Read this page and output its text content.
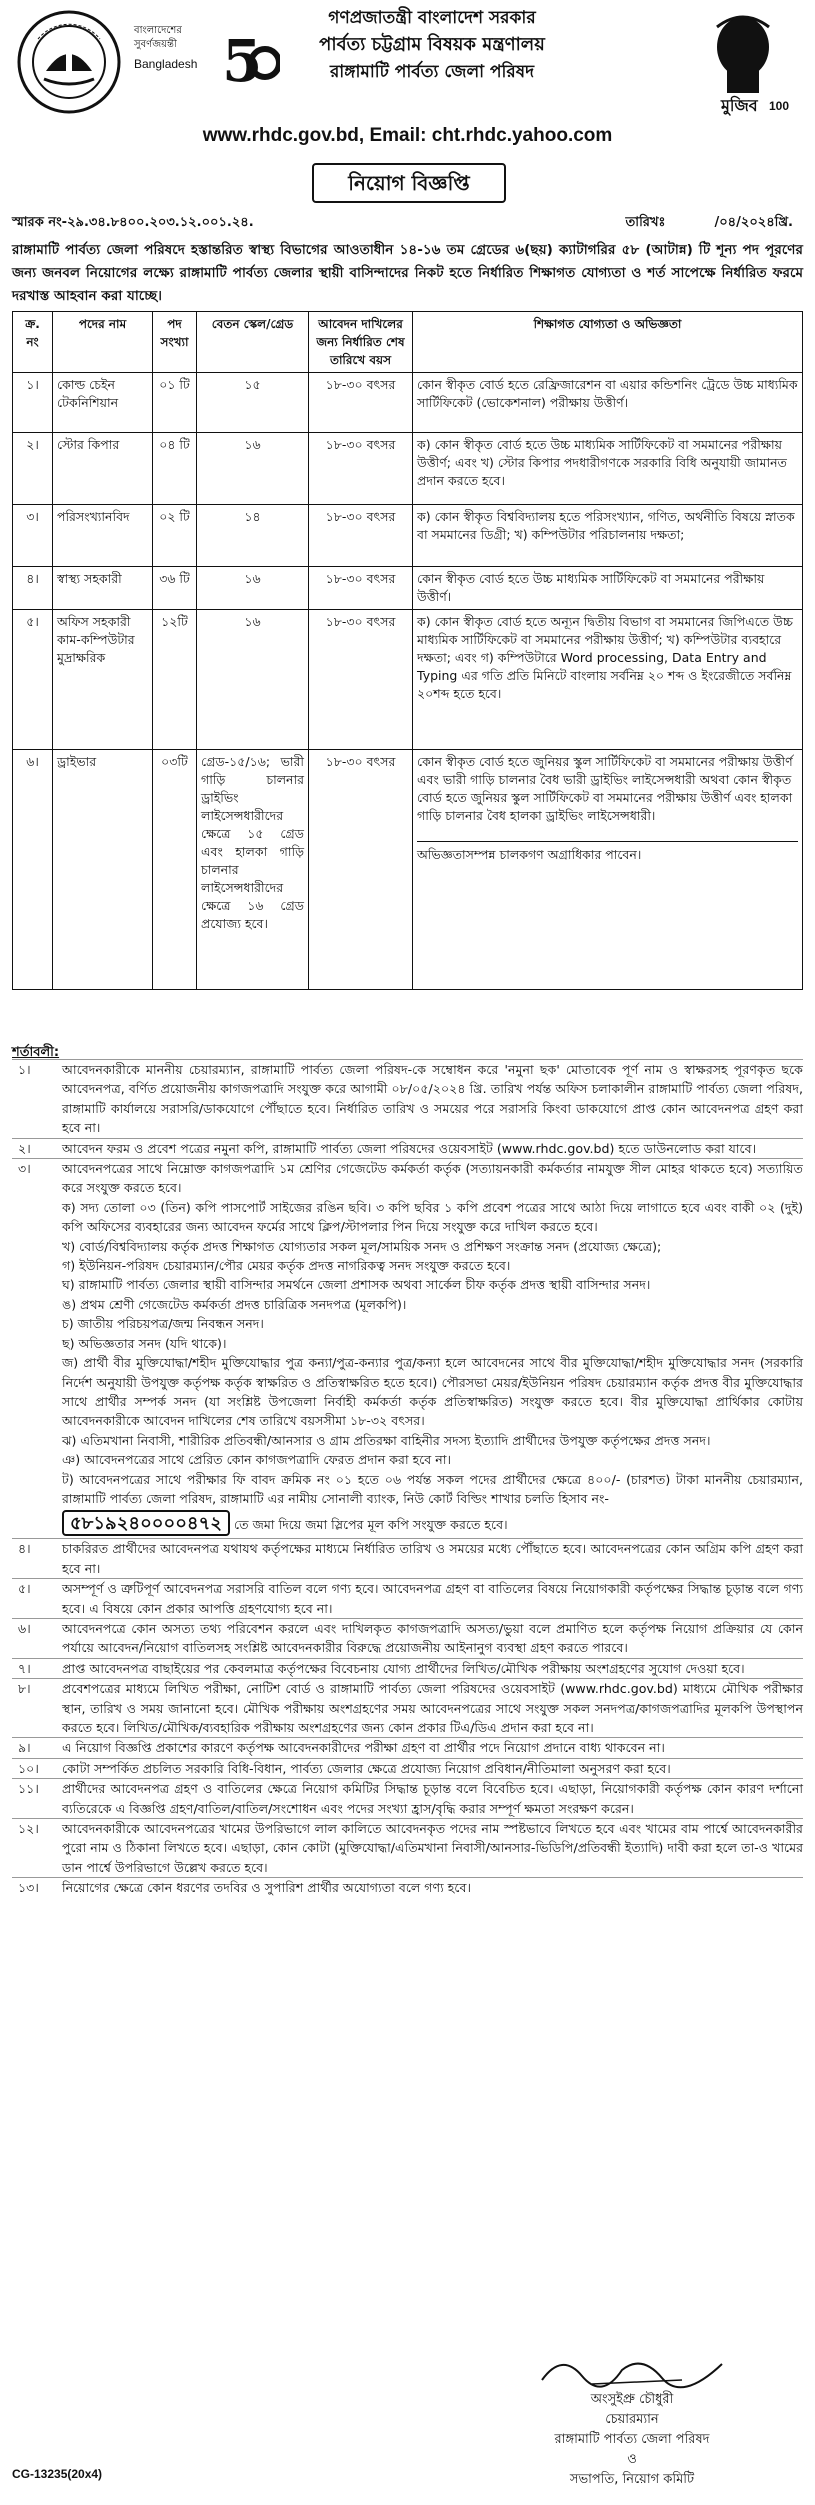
বাংলাদেশের
সুবর্ণজয়ন্তী 5
Bangladesh
গণপ্রজাতন্ত্রী বাংলাদেশ সরকার
পার্বত্য চট্টগ্রাম বিষয়ক মন্ত্রণালয়
রাঙ্গামাটি পার্বত্য জেলা পরিষদ
মুজিব 100
www.rhdc.gov.bd, Email: cht.rhdc.yahoo.com
নিয়োগ বিজ্ঞপ্তি
স্মারক নং-২৯.৩৪.৮৪০০.২০৩.১২.০০১.২৪.	তারিখঃ	/০৪/২০২৪খ্রি.
রাঙ্গামাটি পার্বত্য জেলা পরিষদে হস্তান্তরিত স্বাস্থ্য বিভাগের আওতাধীন ১৪-১৬ তম গ্রেডের ৬(ছয়) ক্যাটাগরির ৫৮ (আটান্ন) টি শূন্য পদ পূরণের জন্য জনবল নিয়োগের লক্ষ্যে রাঙ্গামাটি পার্বত্য জেলার স্থায়ী বাসিন্দাদের নিকট হতে নির্ধারিত শিক্ষাগত যোগ্যতা ও শর্ত সাপেক্ষে নির্ধারিত ফরমে দরখাস্ত আহবান করা যাচ্ছে।
ক্র. নং	পদের নাম	পদ সংখ্যা	বেতন স্কেল/গ্রেড	আবেদন দাখিলের জন্য নির্ধারিত শেষ তারিখে বয়স	শিক্ষাগত যোগ্যতা ও অভিজ্ঞতা
১।	কোল্ড চেইন টেকনিশিয়ান	০১ টি	১৫	১৮-৩০ বৎসর	কোন স্বীকৃত বোর্ড হতে রেফ্রিজারেশন বা এয়ার কন্ডিশনিং ট্রেডে উচ্চ মাধ্যমিক সার্টিফিকেট (ভোকেশনাল) পরীক্ষায় উত্তীর্ণ।
২।	স্টোর কিপার	০৪ টি	১৬	১৮-৩০ বৎসর	ক) কোন স্বীকৃত বোর্ড হতে উচ্চ মাধ্যমিক সার্টিফিকেট বা সমমানের পরীক্ষায় উত্তীর্ণ; এবং খ) স্টোর কিপার পদধারীগণকে সরকারি বিধি অনুযায়ী জামানত প্রদান করতে হবে।
৩।	পরিসংখ্যানবিদ	০২ টি	১৪	১৮-৩০ বৎসর	ক) কোন স্বীকৃত বিশ্ববিদ্যালয় হতে পরিসংখ্যান, গণিত, অর্থনীতি বিষয়ে স্নাতক বা সমমানের ডিগ্রী; খ) কম্পিউটার পরিচালনায় দক্ষতা;
৪।	স্বাস্থ্য সহকারী	৩৬ টি	১৬	১৮-৩০ বৎসর	কোন স্বীকৃত বোর্ড হতে উচ্চ মাধ্যমিক সার্টিফিকেট বা সমমানের পরীক্ষায় উত্তীর্ণ।
৫।	অফিস সহকারী কাম-কম্পিউটার মুদ্রাক্ষরিক	১২টি	১৬	১৮-৩০ বৎসর	ক) কোন স্বীকৃত বোর্ড হতে অন্যূন দ্বিতীয় বিভাগ বা সমমানের জিপিএতে উচ্চ মাধ্যমিক সার্টিফিকেট বা সমমানের পরীক্ষায় উত্তীর্ণ; খ) কম্পিউটার ব্যবহারে দক্ষতা; এবং গ) কম্পিউটারে Word processing, Data Entry and Typing এর গতি প্রতি মিনিটে বাংলায় সর্বনিম্ন ২০ শব্দ ও ইংরেজীতে সর্বনিম্ন ২০শব্দ হতে হবে।
৬।	ড্রাইভার	০৩টি	গ্রেড-১৫/১৬; ভারী গাড়ি চালনার ড্রাইভিং লাইসেন্সধারীদের ক্ষেত্রে ১৫ গ্রেড এবং হালকা গাড়ি চালনার লাইসেন্সধারীদের ক্ষেত্রে ১৬ গ্রেড প্রযোজ্য হবে।	১৮-৩০ বৎসর	কোন স্বীকৃত বোর্ড হতে জুনিয়র স্কুল সার্টিফিকেট বা সমমানের পরীক্ষায় উত্তীর্ণ এবং ভারী গাড়ি চালনার বৈধ ভারী ড্রাইভিং লাইসেন্সধারী অথবা কোন স্বীকৃত বোর্ড হতে জুনিয়র স্কুল সার্টিফিকেট বা সমমানের পরীক্ষায় উত্তীর্ণ এবং হালকা গাড়ি চালনার বৈধ হালকা ড্রাইভিং লাইসেন্সধারী।
অভিজ্ঞতাসম্পন্ন চালকগণ অগ্রাধিকার পাবেন।
শর্তাবলী:
১। আবেদনকারীকে মাননীয় চেয়ারম্যান, রাঙ্গামাটি পার্বত্য জেলা পরিষদ-কে সম্বোধন করে 'নমুনা ছক' মোতাবেক পূর্ণ নাম ও স্বাক্ষরসহ পূরণকৃত ছকে আবেদনপত্র, বর্ণিত প্রয়োজনীয় কাগজপত্রাদি সংযুক্ত করে আগামী ০৮/০৫/২০২৪ খ্রি. তারিখ পর্যন্ত অফিস চলাকালীন রাঙ্গামাটি পার্বত্য জেলা পরিষদ, রাঙ্গামাটি কার্যালয়ে সরাসরি/ডাকযোগে পৌঁছাতে হবে। নির্ধারিত তারিখ ও সময়ের পরে সরাসরি কিংবা ডাকযোগে প্রাপ্ত কোন আবেদনপত্র গ্রহণ করা হবে না।
২। আবেদন ফরম ও প্রবেশ পত্রের নমুনা কপি, রাঙ্গামাটি পার্বত্য জেলা পরিষদের ওয়েবসাইট (www.rhdc.gov.bd) হতে ডাউনলোড করা যাবে।
৩। আবেদনপত্রের সাথে নিম্নোক্ত কাগজপত্রাদি ১ম শ্রেণির গেজেটেড কর্মকর্তা কর্তৃক (সত্যায়নকারী কর্মকর্তার নামযুক্ত সীল মোহর থাকতে হবে) সত্যায়িত করে সংযুক্ত করতে হবে।
ক) সদ্য তোলা ০৩ (তিন) কপি পাসপোর্ট সাইজের রঙিন ছবি। ৩ কপি ছবির ১ কপি প্রবেশ পত্রের সাথে আঠা দিয়ে লাগাতে হবে এবং বাকী ০২ (দুই) কপি অফিসের ব্যবহারের জন্য আবেদন ফর্মের সাথে ক্লিপ/স্টাপলার পিন দিয়ে সংযুক্ত করে দাখিল করতে হবে।
খ) বোর্ড/বিশ্ববিদ্যালয় কর্তৃক প্রদত্ত শিক্ষাগত যোগ্যতার সকল মূল/সাময়িক সনদ ও প্রশিক্ষণ সংক্রান্ত সনদ (প্রযোজ্য ক্ষেত্রে);
গ) ইউনিয়ন-পরিষদ চেয়ারম্যান/পৌর মেয়র কর্তৃক প্রদত্ত নাগরিকত্ব সনদ সংযুক্ত করতে হবে।
ঘ) রাঙ্গামাটি পার্বত্য জেলার স্থায়ী বাসিন্দার সমর্থনে জেলা প্রশাসক অথবা সার্কেল চীফ কর্তৃক প্রদত্ত স্থায়ী বাসিন্দার সনদ।
ঙ) প্রথম শ্রেণী গেজেটেড কর্মকর্তা প্রদত্ত চারিত্রিক সনদপত্র (মূলকপি)।
চ) জাতীয় পরিচয়পত্র/জন্ম নিবন্ধন সনদ।
ছ) অভিজ্ঞতার সনদ (যদি থাকে)।
জ) প্রার্থী বীর মুক্তিযোদ্ধা/শহীদ মুক্তিযোদ্ধার পুত্র কন্যা/পুত্র-কন্যার পুত্র/কন্যা হলে আবেদনের সাথে বীর মুক্তিযোদ্ধা/শহীদ মুক্তিযোদ্ধার সনদ (সরকারি নির্দেশ অনুযায়ী উপযুক্ত কর্তৃপক্ষ কর্তৃক স্বাক্ষরিত ও প্রতিস্বাক্ষরিত হতে হবে।) পৌরসভা মেয়র/ইউনিয়ন পরিষদ চেয়ারম্যান কর্তৃক প্রদত্ত বীর মুক্তিযোদ্ধার সাথে প্রার্থীর সম্পর্ক সনদ (যা সংশ্লিষ্ট উপজেলা নির্বাহী কর্মকর্তা কর্তৃক প্রতিস্বাক্ষরিত) সংযুক্ত করতে হবে। বীর মুক্তিযোদ্ধা প্রার্থিকার কোটায় আবেদনকারীকে আবেদন দাখিলের শেষ তারিখে বয়সসীমা ১৮-৩২ বৎসর।
ঝ) এতিমখানা নিবাসী, শারীরিক প্রতিবন্ধী/আনসার ও গ্রাম প্রতিরক্ষা বাহিনীর সদস্য ইত্যাদি প্রার্থীদের উপযুক্ত কর্তৃপক্ষের প্রদত্ত সনদ।
ঞ) আবেদনপত্রের সাথে প্রেরিত কোন কাগজপত্রাদি ফেরত প্রদান করা হবে না।
ট) আবেদনপত্রের সাথে পরীক্ষার ফি বাবদ ক্রমিক নং ০১ হতে ০৬ পর্যন্ত সকল পদের প্রার্থীদের ক্ষেত্রে ৪০০/- (চারশত) টাকা মাননীয় চেয়ারম্যান, রাঙ্গামাটি পার্বত্য জেলা পরিষদ, রাঙ্গামাটি এর নামীয় সোনালী ব্যাংক, নিউ কোর্ট বিল্ডিং শাখার চলতি হিসাব নং-
৫৮১৯২৪০০০০৪৭২ তে জমা দিয়ে জমা স্লিপের মূল কপি সংযুক্ত করতে হবে।
৪। চাকরিরত প্রার্থীদের আবেদনপত্র যথাযথ কর্তৃপক্ষের মাধ্যমে নির্ধারিত তারিখ ও সময়ের মধ্যে পৌঁছাতে হবে। আবেদনপত্রের কোন অগ্রিম কপি গ্রহণ করা হবে না।
৫। অসম্পূর্ণ ও ত্রুটিপূর্ণ আবেদনপত্র সরাসরি বাতিল বলে গণ্য হবে। আবেদনপত্র গ্রহণ বা বাতিলের বিষয়ে নিয়োগকারী কর্তৃপক্ষের সিদ্ধান্ত চূড়ান্ত বলে গণ্য হবে। এ বিষয়ে কোন প্রকার আপত্তি গ্রহণযোগ্য হবে না।
৬। আবেদনপত্রে কোন অসত্য তথ্য পরিবেশন করলে এবং দাখিলকৃত কাগজপত্রাদি অসত্য/ভুয়া বলে প্রমাণিত হলে কর্তৃপক্ষ নিয়োগ প্রক্রিয়ার যে কোন পর্যায়ে আবেদন/নিয়োগ বাতিলসহ সংশ্লিষ্ট আবেদনকারীর বিরুদ্ধে প্রয়োজনীয় আইনানুগ ব্যবস্থা গ্রহণ করতে পারবে।
৭। প্রাপ্ত আবেদনপত্র বাছাইয়ের পর কেবলমাত্র কর্তৃপক্ষের বিবেচনায় যোগ্য প্রার্থীদের লিখিত/মৌখিক পরীক্ষায় অংশগ্রহণের সুযোগ দেওয়া হবে।
৮। প্রবেশপত্রের মাধ্যমে লিখিত পরীক্ষা, নোটিশ বোর্ড ও রাঙ্গামাটি পার্বত্য জেলা পরিষদের ওয়েবসাইট (www.rhdc.gov.bd) মাধ্যমে মৌখিক পরীক্ষার স্থান, তারিখ ও সময় জানানো হবে। মৌখিক পরীক্ষায় অংশগ্রহণের সময় আবেদনপত্রের সাথে সংযুক্ত সকল সনদপত্র/কাগজপত্রাদির মূলকপি উপস্থাপন করতে হবে। লিখিত/মৌখিক/ব্যবহারিক পরীক্ষায় অংশগ্রহণের জন্য কোন প্রকার টিএ/ডিএ প্রদান করা হবে না।
৯। এ নিয়োগ বিজ্ঞপ্তি প্রকাশের কারণে কর্তৃপক্ষ আবেদনকারীদের পরীক্ষা গ্রহণ বা প্রার্থীর পদে নিয়োগ প্রদানে বাধ্য থাকবেন না।
১০। কোটা সম্পর্কিত প্রচলিত সরকারি বিধি-বিধান, পার্বত্য জেলার ক্ষেত্রে প্রযোজ্য নিয়োগ প্রবিধান/নীতিমালা অনুসরণ করা হবে।
১১। প্রার্থীদের আবেদনপত্র গ্রহণ ও বাতিলের ক্ষেত্রে নিয়োগ কমিটির সিদ্ধান্ত চূড়ান্ত বলে বিবেচিত হবে। এছাড়া, নিয়োগকারী কর্তৃপক্ষ কোন কারণ দর্শানো ব্যতিরেকে এ বিজ্ঞপ্তি গ্রহণ/বাতিল/বাতিল/সংশোধন এবং পদের সংখ্যা হ্রাস/বৃদ্ধি করার সম্পূর্ণ ক্ষমতা সংরক্ষণ করেন।
১২। আবেদনকারীকে আবেদনপত্রের খামের উপরিভাগে লাল কালিতে আবেদনকৃত পদের নাম স্পষ্টভাবে লিখতে হবে এবং খামের বাম পার্শ্বে আবেদনকারীর পুরো নাম ও ঠিকানা লিখতে হবে। এছাড়া, কোন কোটা (মুক্তিযোদ্ধা/এতিমখানা নিবাসী/আনসার-ভিডিপি/প্রতিবন্ধী ইত্যাদি) দাবী করা হলে তা-ও খামের ডান পার্শ্বে উপরিভাগে উল্লেখ করতে হবে।
১৩। নিয়োগের ক্ষেত্রে কোন ধরণের তদবির ও সুপারিশ প্রার্থীর অযোগ্যতা বলে গণ্য হবে।
অংসুইপ্রু চৌধুরী
চেয়ারম্যান
রাঙ্গামাটি পার্বত্য জেলা পরিষদ
ও
সভাপতি, নিয়োগ কমিটি
CG-13235(20x4)
